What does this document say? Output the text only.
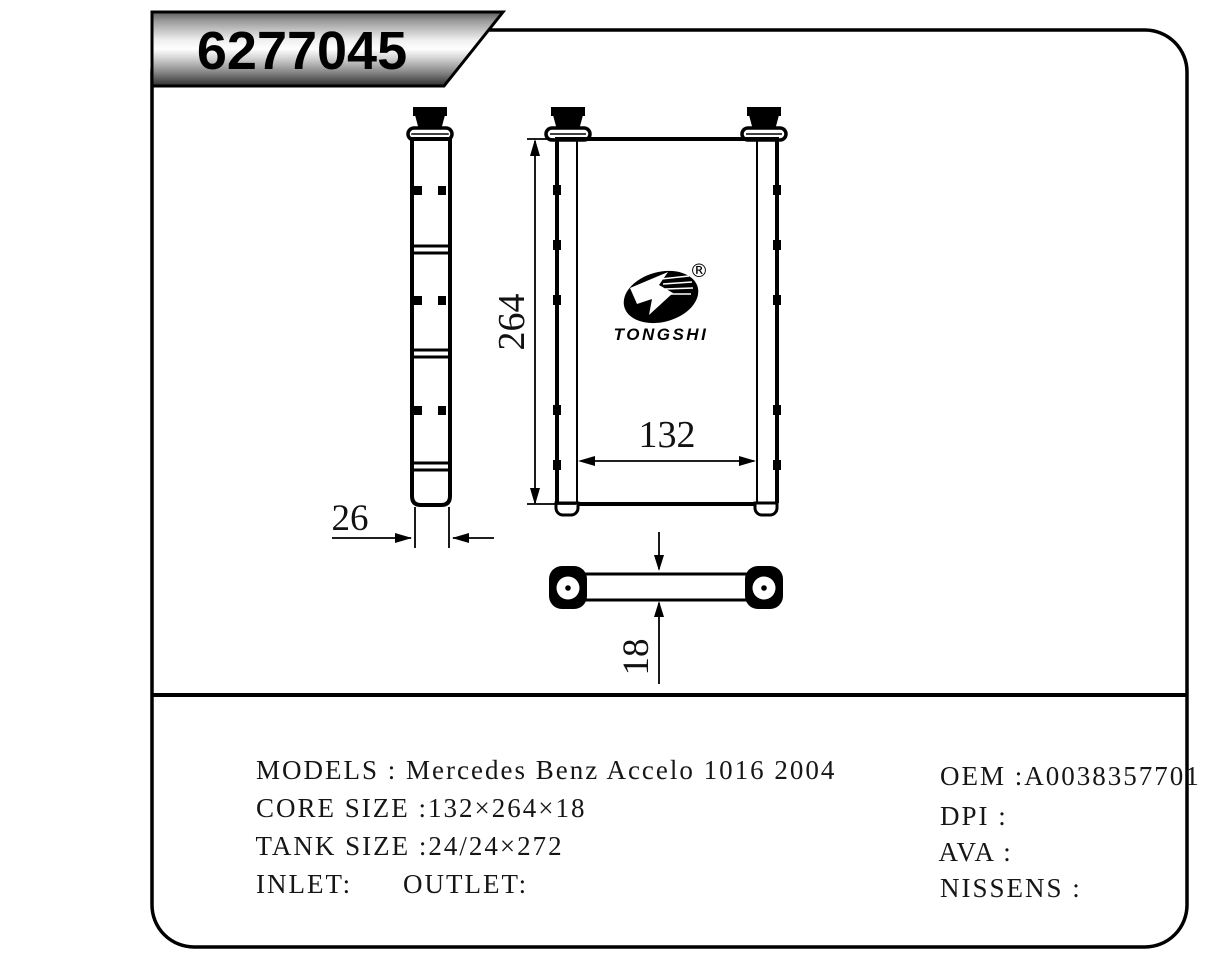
6277045
26
264
132
®
TONGSHI
18

MODELS : Mercedes Benz Accelo 1016 2004

CORE SIZE :132×264×18

TANK SIZE :24/24×272

INLET:
	OUTLET:

OEM :A0038357701

DPI :

AVA :

NISSENS :
